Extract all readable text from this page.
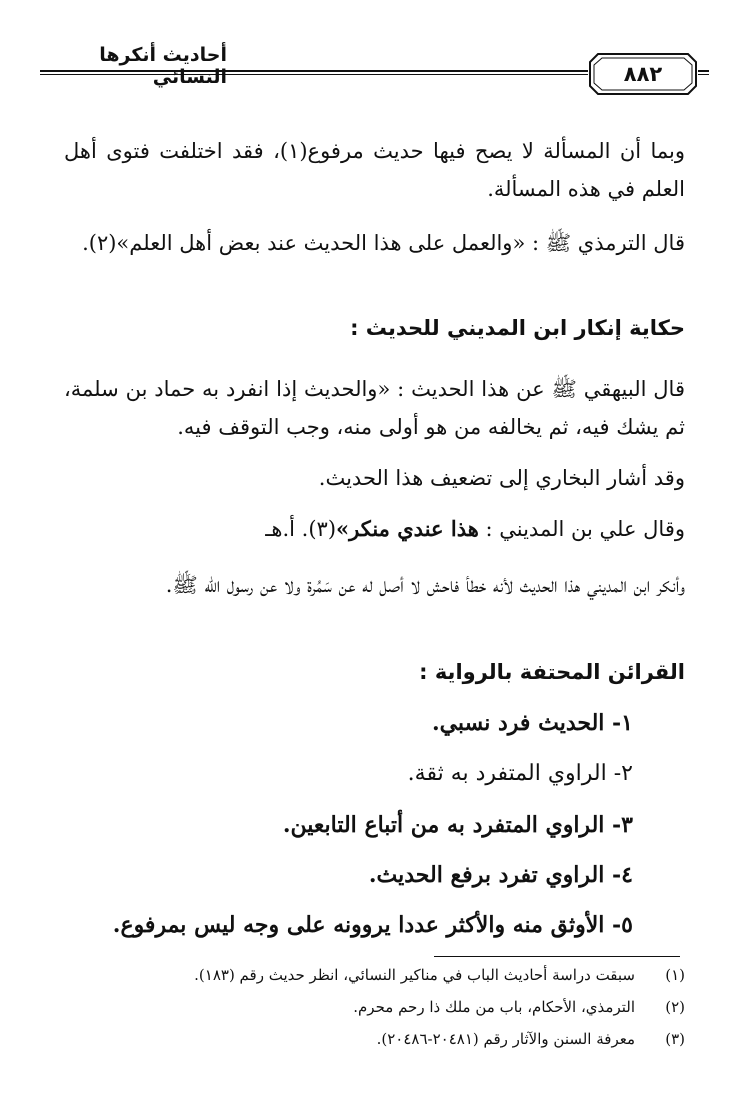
أحاديث أنكرها النسائي	٨٨٢
وبما أن المسألة لا يصح فيها حديث مرفوع(١)، فقد اختلفت فتوى أهل العلم في هذه المسألة.
قال الترمذي ﷺ : «والعمل على هذا الحديث عند بعض أهل العلم»(٢).
حكاية إنكار ابن المديني للحديث :
قال البيهقي ﷺ عن هذا الحديث : «والحديث إذا انفرد به حماد بن سلمة، ثم يشك فيه، ثم يخالفه من هو أولى منه، وجب التوقف فيه.
وقد أشار البخاري إلى تضعيف هذا الحديث.
وقال علي بن المديني : هذا عندي منكر»(٣). أ.هـ
وأنكر ابن المديني هذا الحديث لأنه خطأ فاحش لا أصل له عن سَمُرة ولا عن رسول الله ﷺ.
القرائن المحتفة بالرواية :
١- الحديث فرد نسبي.
٢- الراوي المتفرد به ثقة.
٣- الراوي المتفرد به من أتباع التابعين.
٤- الراوي تفرد برفع الحديث.
٥- الأوثق منه والأكثر عددا يروونه على وجه ليس بمرفوع.
(١)سبقت دراسة أحاديث الباب في مناكير النسائي، انظر حديث رقم (١٨٣).
(٢)الترمذي، الأحكام، باب من ملك ذا رحم محرم.
(٣)معرفة السنن والآثار رقم (٢٠٤٨١-٢٠٤٨٦).
